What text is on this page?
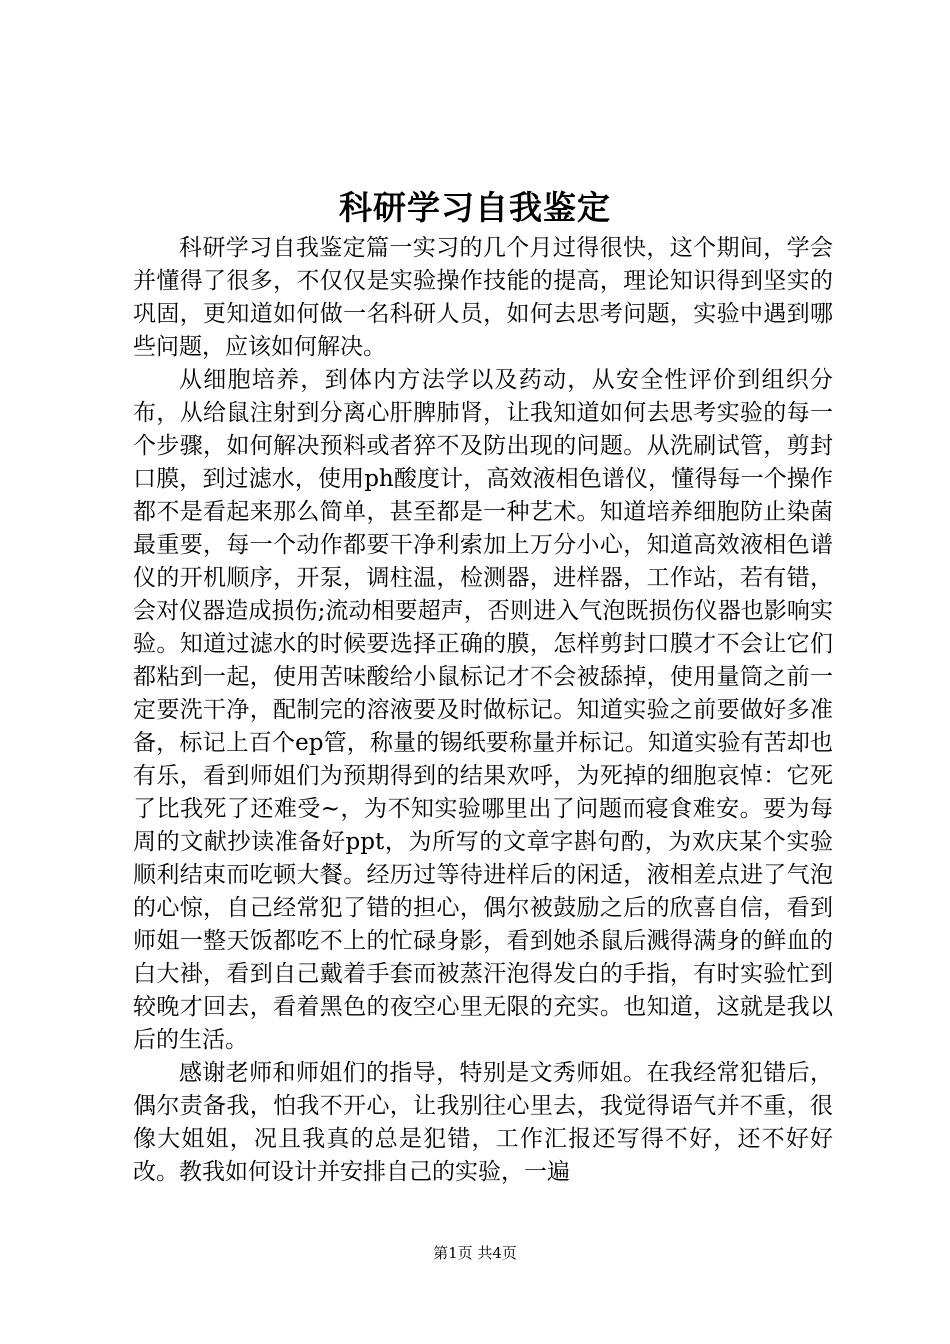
科研学习自我鉴定

科研学习自我鉴定篇一实习的几个月过得很快，这个期间，学会并懂得了很多，不仅仅是实验操作技能的提高，理论知识得到坚实的巩固，更知道如何做一名科研人员，如何去思考问题，实验中遇到哪些问题，应该如何解决。

从细胞培养，到体内方法学以及药动，从安全性评价到组织分布，从给鼠注射到分离心肝脾肺肾，让我知道如何去思考实验的每一个步骤，如何解决预料或者猝不及防出现的问题。从洗刷试管，剪封口膜，到过滤水，使用ph酸度计，高效液相色谱仪，懂得每一个操作都不是看起来那么简单，甚至都是一种艺术。知道培养细胞防止染菌最重要，每一个动作都要干净利索加上万分小心，知道高效液相色谱仪的开机顺序，开泵，调柱温，检测器，进样器，工作站，若有错，会对仪器造成损伤;流动相要超声，否则进入气泡既损伤仪器也影响实验。知道过滤水的时候要选择正确的膜，怎样剪封口膜才不会让它们都粘到一起，使用苦味酸给小鼠标记才不会被舔掉，使用量筒之前一定要洗干净，配制完的溶液要及时做标记。知道实验之前要做好多准备，标记上百个ep管，称量的锡纸要称量并标记。知道实验有苦却也有乐，看到师姐们为预期得到的结果欢呼，为死掉的细胞哀悼：它死了比我死了还难受~，为不知实验哪里出了问题而寝食难安。要为每周的文献抄读准备好ppt，为所写的文章字斟句酌，为欢庆某个实验顺利结束而吃顿大餐。经历过等待进样后的闲适，液相差点进了气泡的心惊，自己经常犯了错的担心，偶尔被鼓励之后的欣喜自信，看到师姐一整天饭都吃不上的忙碌身影，看到她杀鼠后溅得满身的鲜血的白大褂，看到自己戴着手套而被蒸汗泡得发白的手指，有时实验忙到较晚才回去，看着黑色的夜空心里无限的充实。也知道，这就是我以后的生活。

感谢老师和师姐们的指导，特别是文秀师姐。在我经常犯错后，偶尔责备我，怕我不开心，让我别往心里去，我觉得语气并不重，很像大姐姐，况且我真的总是犯错，工作汇报还写得不好，还不好好改。教我如何设计并安排自己的实验，一遍

第1页 共4页
